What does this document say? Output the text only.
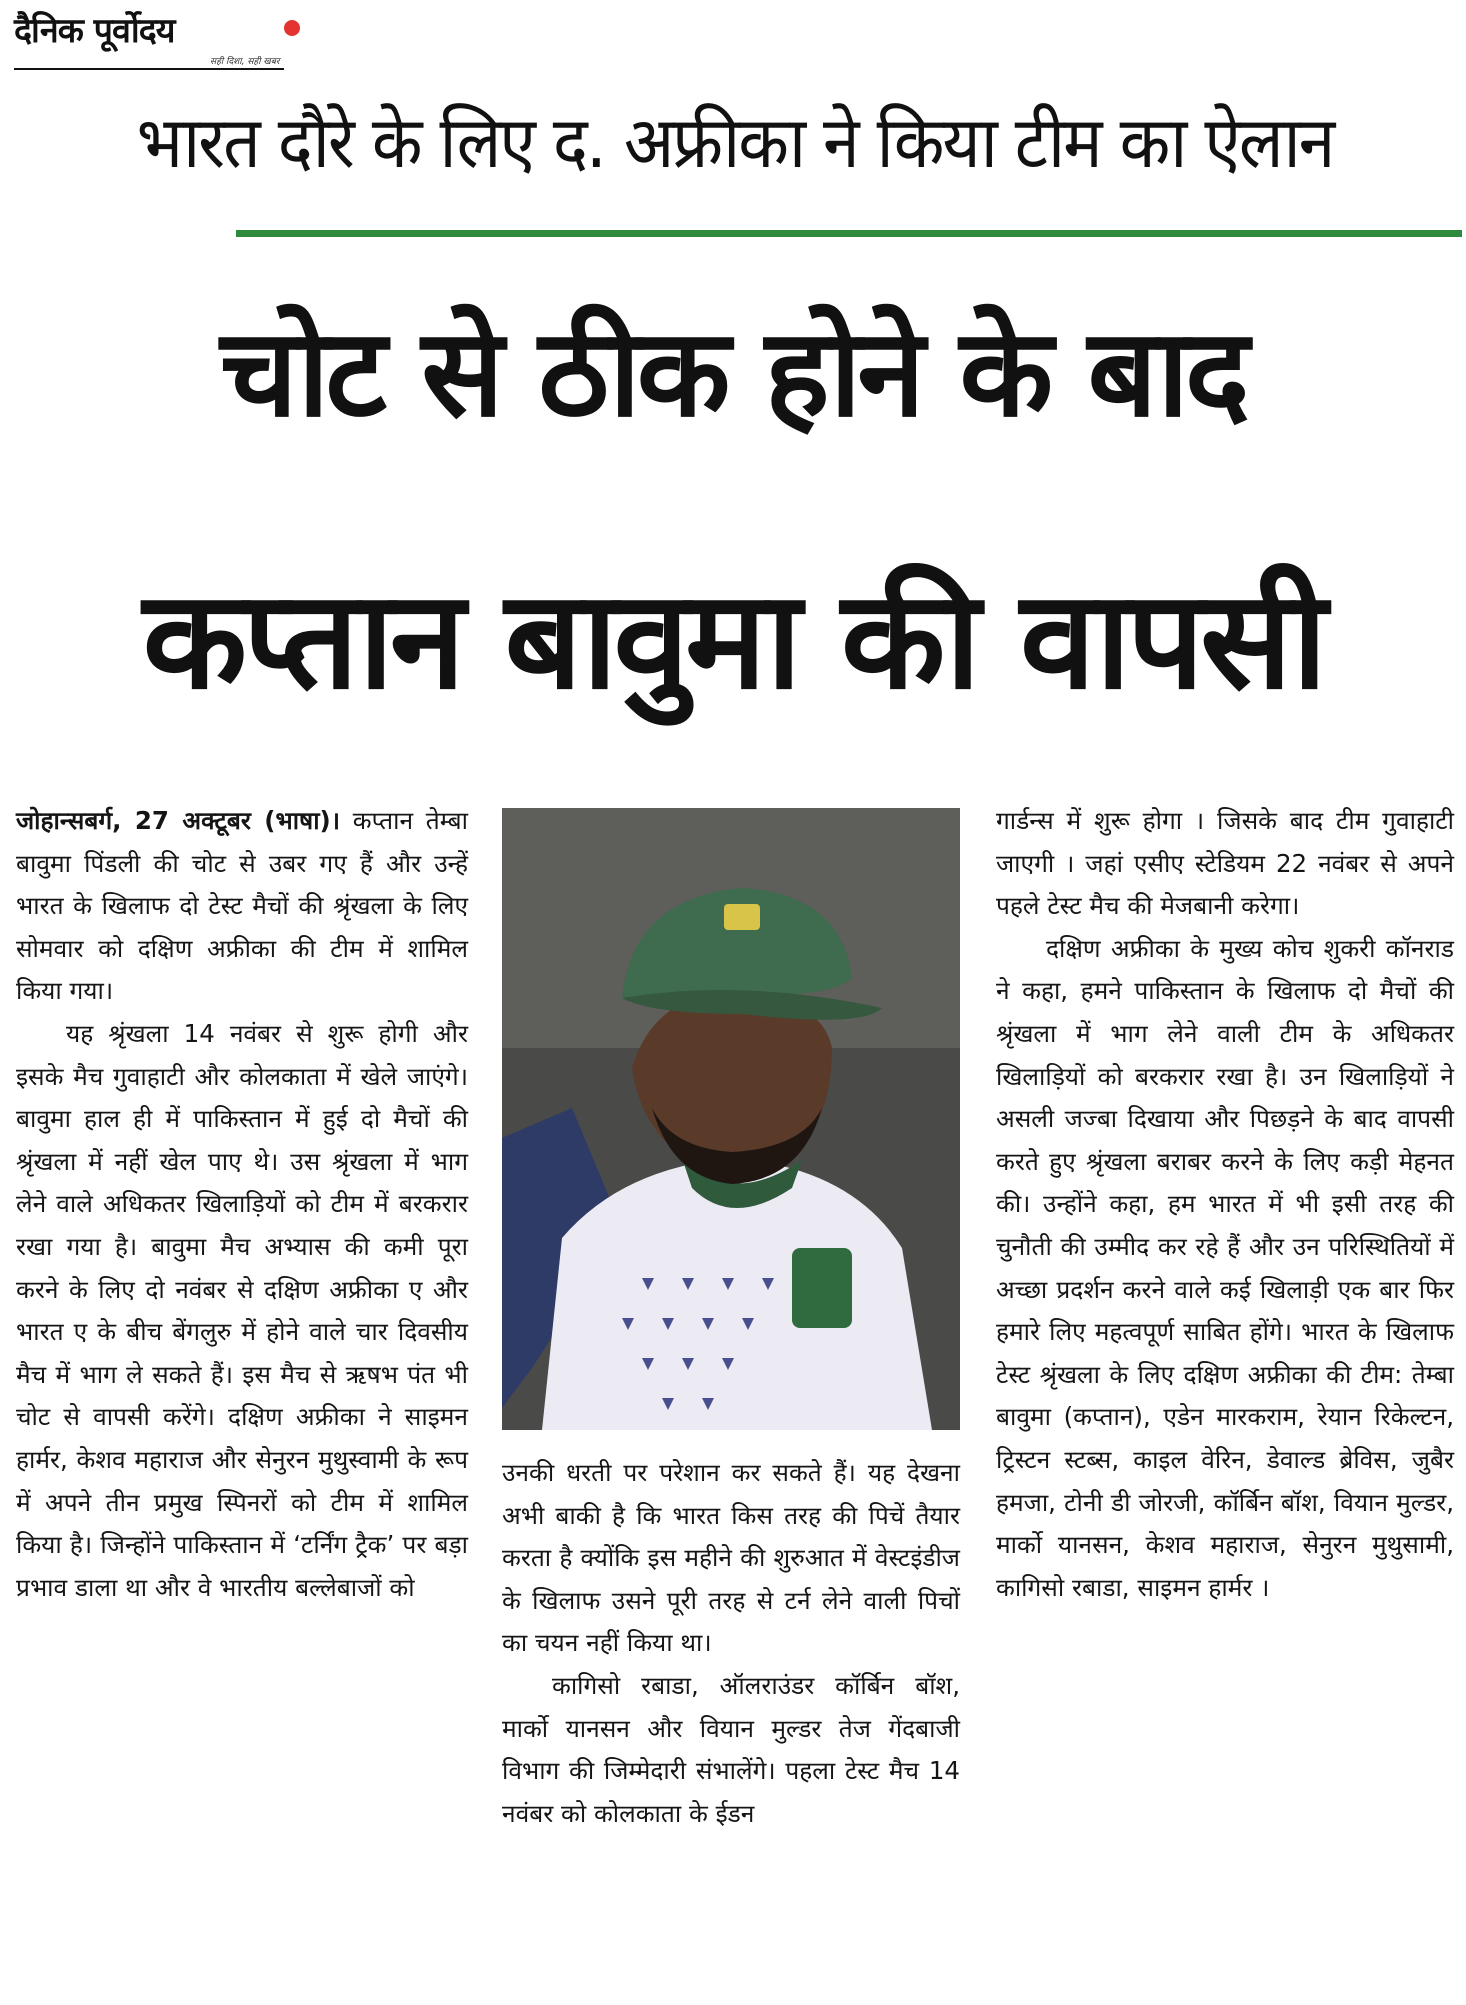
दैनिक पूर्वोदय
सही दिशा, सही खबर
भारत दौरे के लिए द. अफ्रीका ने किया टीम का ऐलान
चोट से ठीक होने के बाद
कप्तान बावुमा की वापसी

जोहान्सबर्ग, 27 अक्टूबर (भाषा)। कप्तान तेम्बा बावुमा पिंडली की चोट से उबर गए हैं और उन्हें भारत के खिलाफ दो टेस्ट मैचों की श्रृंखला के लिए सोमवार को दक्षिण अफ्रीका की टीम में शामिल किया गया।

यह श्रृंखला 14 नवंबर से शुरू होगी और इसके मैच गुवाहाटी और कोलकाता में खेले जाएंगे। बावुमा हाल ही में पाकिस्तान में हुई दो मैचों की श्रृंखला में नहीं खेल पाए थे। उस श्रृंखला में भाग लेने वाले अधिकतर खिलाड़ियों को टीम में बरकरार रखा गया है। बावुमा मैच अभ्यास की कमी पूरा करने के लिए दो नवंबर से दक्षिण अफ्रीका ए और भारत ए के बीच बेंगलुरु में होने वाले चार दिवसीय मैच में भाग ले सकते हैं। इस मैच से ऋषभ पंत भी चोट से वापसी करेंगे। दक्षिण अफ्रीका ने साइमन हार्मर, केशव महाराज और सेनुरन मुथुस्वामी के रूप में अपने तीन प्रमुख स्पिनरों को टीम में शामिल किया है। जिन्होंने पाकिस्तान में ‘टर्निंग ट्रैक’ पर बड़ा प्रभाव डाला था और वे भारतीय बल्लेबाजों को

उनकी धरती पर परेशान कर सकते हैं। यह देखना अभी बाकी है कि भारत किस तरह की पिचें तैयार करता है क्योंकि इस महीने की शुरुआत में वेस्टइंडीज के खिलाफ उसने पूरी तरह से टर्न लेने वाली पिचों का चयन नहीं किया था।

कागिसो रबाडा, ऑलराउंडर कॉर्बिन बॉश, मार्को यानसन और वियान मुल्डर तेज गेंदबाजी विभाग की जिम्मेदारी संभालेंगे। पहला टेस्ट मैच 14 नवंबर को कोलकाता के ईडन

गार्डन्स में शुरू होगा । जिसके बाद टीम गुवाहाटी जाएगी । जहां एसीए स्टेडियम 22 नवंबर से अपने पहले टेस्ट मैच की मेजबानी करेगा।

दक्षिण अफ्रीका के मुख्य कोच शुकरी कॉनराड ने कहा, हमने पाकिस्तान के खिलाफ दो मैचों की श्रृंखला में भाग लेने वाली टीम के अधिकतर खिलाड़ियों को बरकरार रखा है। उन खिलाड़ियों ने असली जज्बा दिखाया और पिछड़ने के बाद वापसी करते हुए श्रृंखला बराबर करने के लिए कड़ी मेहनत की। उन्होंने कहा, हम भारत में भी इसी तरह की चुनौती की उम्मीद कर रहे हैं और उन परिस्थितियों में अच्छा प्रदर्शन करने वाले कई खिलाड़ी एक बार फिर हमारे लिए महत्वपूर्ण साबित होंगे। भारत के खिलाफ टेस्ट श्रृंखला के लिए दक्षिण अफ्रीका की टीम: तेम्बा बावुमा (कप्तान), एडेन मारकराम, रेयान रिकेल्टन, ट्रिस्टन स्टब्स, काइल वेरिन, डेवाल्ड ब्रेविस, जुबैर हमजा, टोनी डी जोरजी, कॉर्बिन बॉश, वियान मुल्डर, मार्को यानसन, केशव महाराज, सेनुरन मुथुसामी, कागिसो रबाडा, साइमन हार्मर ।
